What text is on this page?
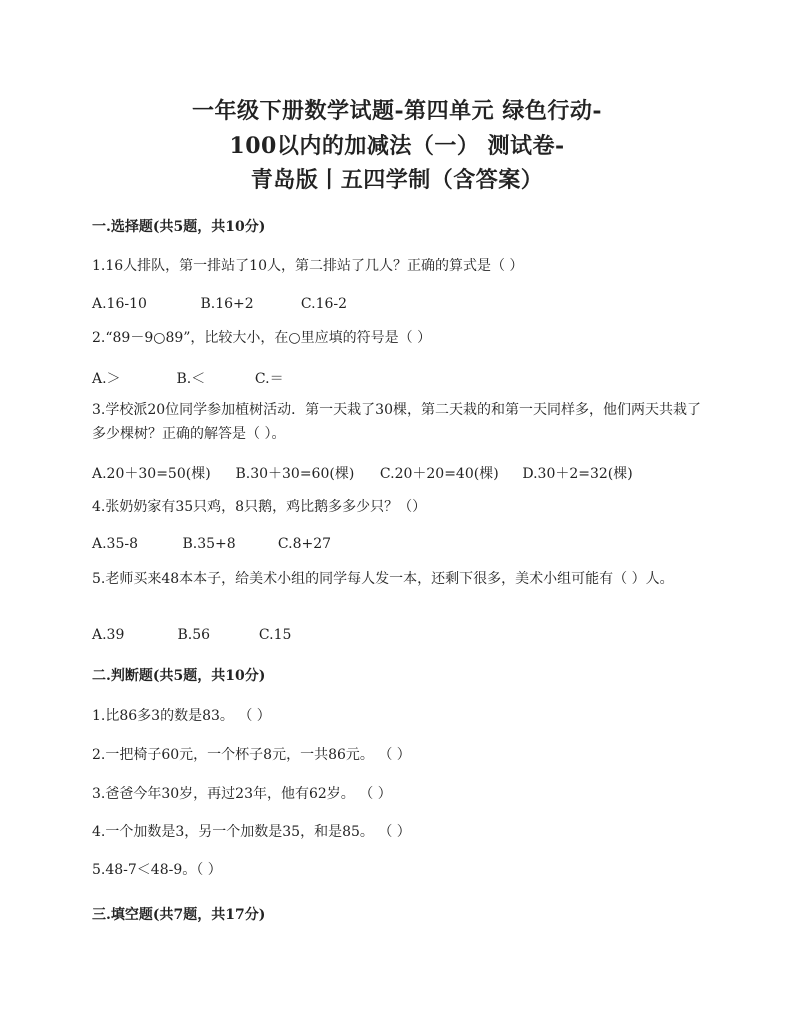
一年级下册数学试题-第四单元 绿色行动-
100以内的加减法（一） 测试卷-
青岛版丨五四学制（含答案）
一.选择题(共5题，共10分)
1.16人排队，第一排站了10人，第二排站了几人？正确的算式是（ ）
A.16-10	B.16+2	C.16-2
2.“89－9○89”，比较大小，在○里应填的符号是（ ）
A.＞	B.＜	C.＝
3.学校派20位同学参加植树活动．第一天栽了30棵，第二天栽的和第一天同样多，他们两天共栽了多少棵树？正确的解答是（ ）。
A.20＋30=50(棵) B.30＋30=60(棵) C.20＋20=40(棵) D.30＋2=32(棵)
4.张奶奶家有35只鸡，8只鹅，鸡比鹅多多少只？（）
A.35-8	B.35+8	C.8+27
5.老师买来48本本子，给美术小组的同学每人发一本，还剩下很多，美术小组可能有（ ）人。
A.39	B.56	C.15
二.判断题(共5题，共10分)
1.比86多3的数是83。 （ ）
2.一把椅子60元，一个杯子8元，一共86元。 （ ）
3.爸爸今年30岁，再过23年，他有62岁。 （ ）
4.一个加数是3，另一个加数是35，和是85。 （ ）
5.48-7＜48-9。（ ）
三.填空题(共7题，共17分)
